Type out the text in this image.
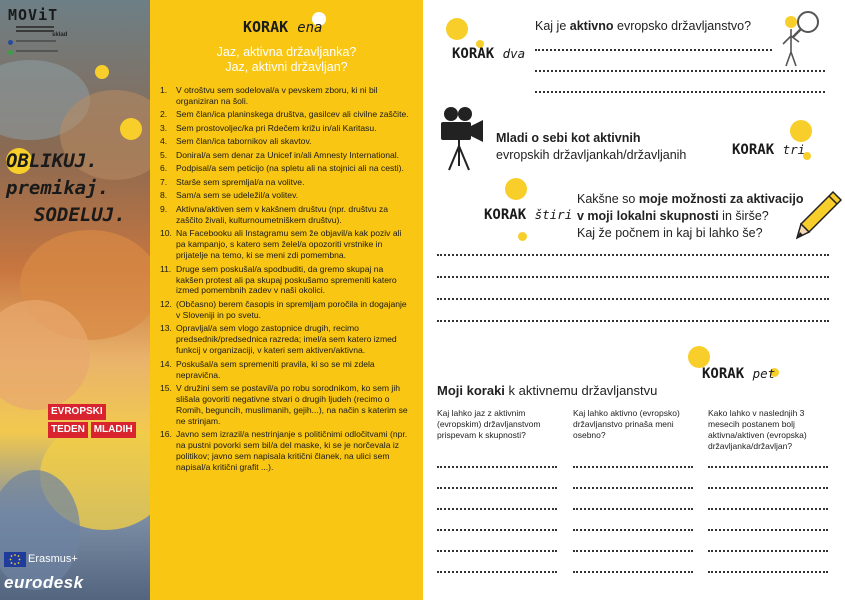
MOViT
sklad
OBLIKUJ.
premikaj.
SODELUJ.
EVROPSKI
TEDEN MLADIH
Erasmus+
eurodesk
KORAK ena
Jaz, aktivna državljanka?
Jaz, aktivni državljan?
1.	V otroštvu sem sodeloval/a v pevskem zboru, ki ni bil organiziran na šoli.
2.	Sem član/ica planinskega društva, gasilcev ali civilne zaščite.
3.	Sem prostovoljec/ka pri Rdečem križu in/ali Karitasu.
4.	Sem član/ica tabornikov ali skavtov.
5.	Doniral/a sem denar za Unicef in/ali Amnesty International.
6.	Podpisal/a sem peticijo (na spletu ali na stojnici ali na cesti).
7.	Starše sem spremljal/a na volitve.
8.	Sam/a sem se udeležil/a volitev.
9.	Aktivna/aktiven sem v kakšnem društvu (npr. društvu za zaščito živali, kulturnoumetniškem društvu).
10. Na Facebooku ali Instagramu sem že objavil/a kak poziv ali pa kampanjo, s katero sem želel/a opozoriti vrstnike in prijatelje na temo, ki se meni zdi pomembna.
11. Druge sem poskušal/a spodbuditi, da gremo skupaj na kakšen protest ali pa skupaj poskušamo spremeniti katero izmed pomembnih zadev v naši okolici.
12. (Občasno) berem časopis in spremljam poročila in dogajanje v Sloveniji in po svetu.
13. Opravljal/a sem vlogo zastopnice drugih, recimo predsednik/predsednica razreda; imel/a sem katero izmed funkcij v organizaciji, v kateri sem aktiven/aktivna.
14. Poskušal/a sem spremeniti pravila, ki so se mi zdela nepravična.
15. V družini sem se postavil/a po robu sorodnikom, ko sem jih slišala govoriti negativne stvari o drugih ljudeh (recimo o Romih, beguncih, muslimanih, gejih...), na način s katerim se ne strinjam.
16. Javno sem izrazil/a nestrinjanje s političnimi odločitvami (npr. na pustni povorki sem bil/a del maske, ki se je norčevala iz politikov; javno sem napisala kritični članek, na ulici sem napisal/a kritični grafit ...).
KORAK dva
Kaj je aktivno evropsko državljanstvo?
Mladi o sebi kot aktivnih
evropskih državljankah/državljanih	KORAK tri
KORAK štiri
Kakšne so moje možnosti za aktivacijo
v moji lokalni skupnosti in širše?
Kaj že počnem in kaj bi lahko še?
KORAK pet
Moji koraki k aktivnemu državljanstvu
Kaj lahko jaz z aktivnim (evropskim) državljanstvom prispevam k skupnosti?
Kaj lahko aktivno (evropsko) državljanstvo prinaša meni osebno?
Kako lahko v naslednjih 3 mesecih postanem bolj aktivna/aktiven (evropska) državljanka/državljan?
